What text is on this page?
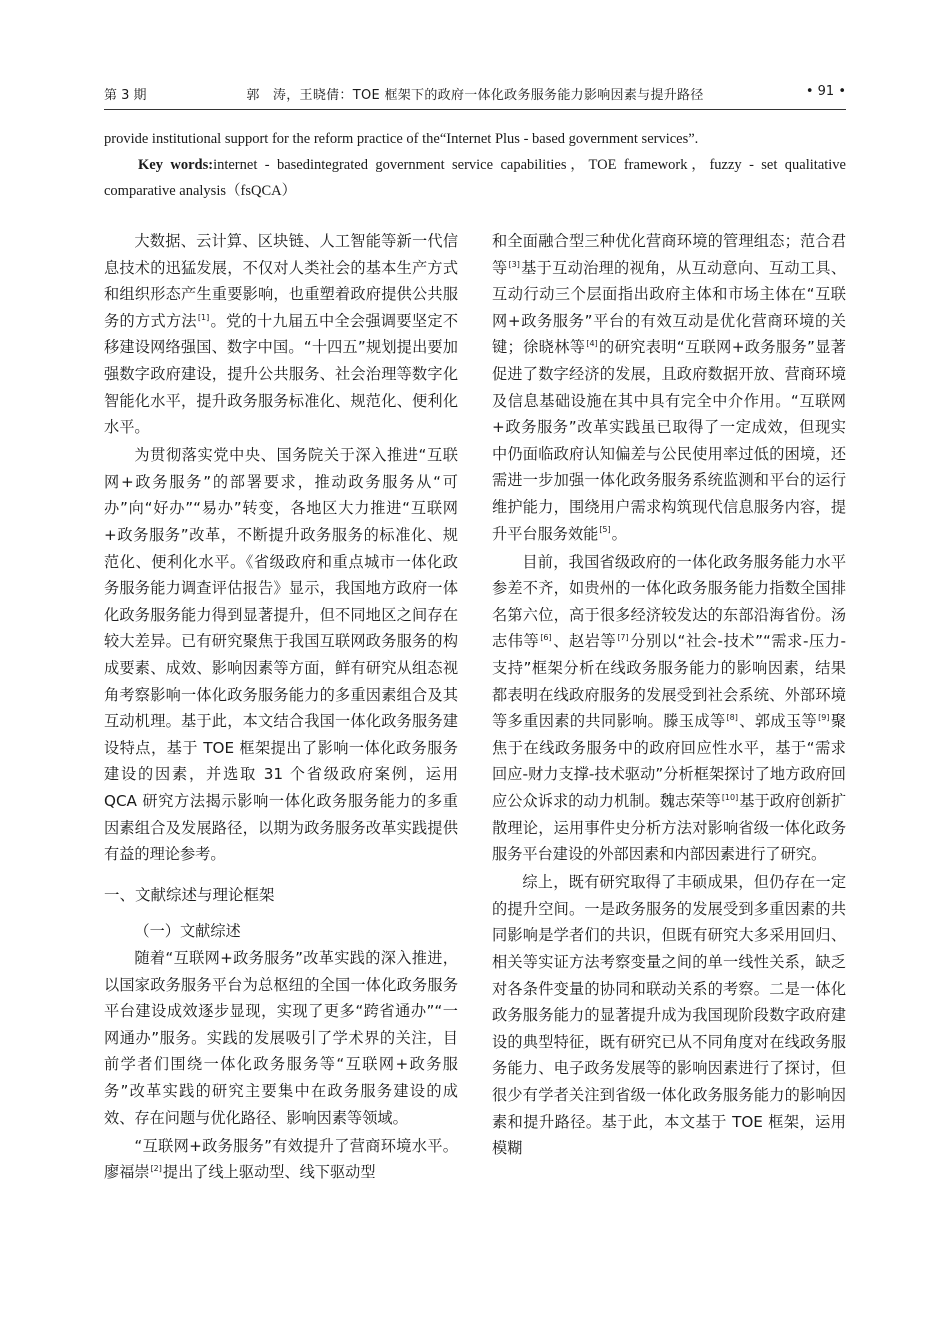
第 3 期	郭　涛，王晓倩：TOE 框架下的政府一体化政务服务能力影响因素与提升路径	• 91 •

provide institutional support for the reform practice of the“Internet Plus - based government services”.

Key words:internet - basedintegrated government service capabilities，TOE framework，fuzzy - set qualitative comparative analysis（fsQCA）

大数据、云计算、区块链、人工智能等新一代信息技术的迅猛发展，不仅对人类社会的基本生产方式和组织形态产生重要影响，也重塑着政府提供公共服务的方式方法[1]。党的十九届五中全会强调要坚定不移建设网络强国、数字中国。“十四五”规划提出要加强数字政府建设，提升公共服务、社会治理等数字化智能化水平，提升政务服务标准化、规范化、便利化水平。

为贯彻落实党中央、国务院关于深入推进“互联网+政务服务”的部署要求，推动政务服务从“可办”向“好办”“易办”转变，各地区大力推进“互联网+政务服务”改革，不断提升政务服务的标准化、规范化、便利化水平。《省级政府和重点城市一体化政务服务能力调查评估报告》显示，我国地方政府一体化政务服务能力得到显著提升，但不同地区之间存在较大差异。已有研究聚焦于我国互联网政务服务的构成要素、成效、影响因素等方面，鲜有研究从组态视角考察影响一体化政务服务能力的多重因素组合及其互动机理。基于此，本文结合我国一体化政务服务建设特点，基于 TOE 框架提出了影响一体化政务服务建设的因素，并选取 31 个省级政府案例，运用 QCA 研究方法揭示影响一体化政务服务能力的多重因素组合及发展路径，以期为政务服务改革实践提供有益的理论参考。

一、文献综述与理论框架
（一）文献综述

随着“互联网+政务服务”改革实践的深入推进，以国家政务服务平台为总枢纽的全国一体化政务服务平台建设成效逐步显现，实现了更多“跨省通办”“一网通办”服务。实践的发展吸引了学术界的关注，目前学者们围绕一体化政务服务等“互联网+政务服务”改革实践的研究主要集中在政务服务建设的成效、存在问题与优化路径、影响因素等领域。

“互联网+政务服务”有效提升了营商环境水平。廖福崇[2]提出了线上驱动型、线下驱动型

和全面融合型三种优化营商环境的管理组态；范合君等[3]基于互动治理的视角，从互动意向、互动工具、互动行动三个层面指出政府主体和市场主体在“互联网+政务服务”平台的有效互动是优化营商环境的关键；徐晓林等[4]的研究表明“互联网+政务服务”显著促进了数字经济的发展，且政府数据开放、营商环境及信息基础设施在其中具有完全中介作用。“互联网+政务服务”改革实践虽已取得了一定成效，但现实中仍面临政府认知偏差与公民使用率过低的困境，还需进一步加强一体化政务服务系统监测和平台的运行维护能力，围绕用户需求构筑现代信息服务内容，提升平台服务效能[5]。

目前，我国省级政府的一体化政务服务能力水平参差不齐，如贵州的一体化政务服务能力指数全国排名第六位，高于很多经济较发达的东部沿海省份。汤志伟等[6]、赵岩等[7]分别以“社会-技术”“需求-压力-支持”框架分析在线政务服务能力的影响因素，结果都表明在线政府服务的发展受到社会系统、外部环境等多重因素的共同影响。滕玉成等[8]、郭成玉等[9]聚焦于在线政务服务中的政府回应性水平，基于“需求回应-财力支撑-技术驱动”分析框架探讨了地方政府回应公众诉求的动力机制。魏志荣等[10]基于政府创新扩散理论，运用事件史分析方法对影响省级一体化政务服务平台建设的外部因素和内部因素进行了研究。

综上，既有研究取得了丰硕成果，但仍存在一定的提升空间。一是政务服务的发展受到多重因素的共同影响是学者们的共识，但既有研究大多采用回归、相关等实证方法考察变量之间的单一线性关系，缺乏对各条件变量的协同和联动关系的考察。二是一体化政务服务能力的显著提升成为我国现阶段数字政府建设的典型特征，既有研究已从不同角度对在线政务服务能力、电子政务发展等的影响因素进行了探讨，但很少有学者关注到省级一体化政务服务能力的影响因素和提升路径。基于此，本文基于 TOE 框架，运用模糊
